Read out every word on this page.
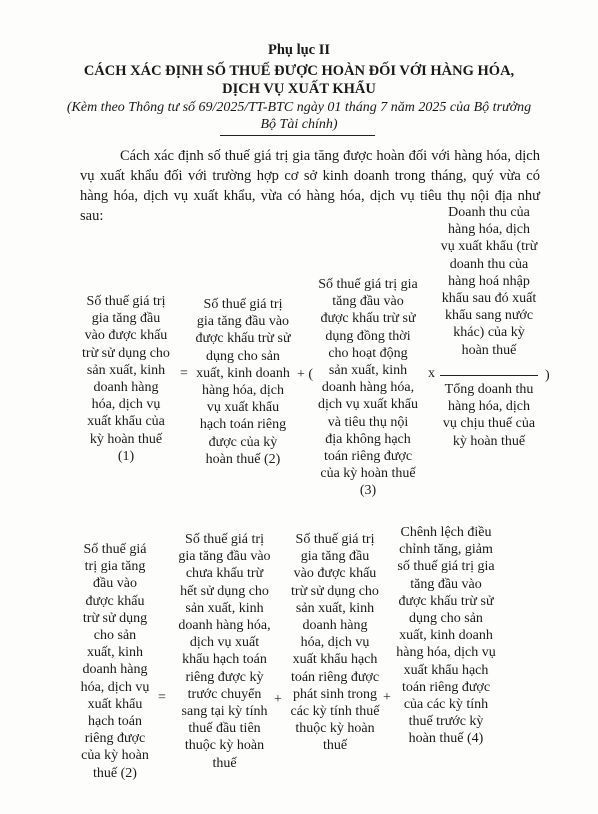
Phụ lục II
CÁCH XÁC ĐỊNH SỐ THUẾ ĐƯỢC HOÀN ĐỐI VỚI HÀNG HÓA,
DỊCH VỤ XUẤT KHẨU
(Kèm theo Thông tư số 69/2025/TT-BTC ngày 01 tháng 7 năm 2025 của Bộ trưởng Bộ Tài chính)
Cách xác định số thuế giá trị gia tăng được hoàn đối với hàng hóa, dịch vụ xuất khẩu đối với trường hợp cơ sở kinh doanh trong tháng, quý vừa có hàng hóa, dịch vụ xuất khẩu, vừa có hàng hóa, dịch vụ tiêu thụ nội địa như sau:
Số thuế giá trị gia tăng đầu vào được khấu trừ sử dụng cho sản xuất, kinh doanh hàng hóa, dịch vụ xuất khẩu của kỳ hoàn thuế (1)
=
Số thuế giá trị gia tăng đầu vào được khấu trừ sử dụng cho sản xuất, kinh doanh hàng hóa, dịch vụ xuất khẩu hạch toán riêng được của kỳ hoàn thuế (2)
+ (
Số thuế giá trị gia tăng đầu vào được khấu trừ sử dụng đồng thời cho hoạt động sản xuất, kinh doanh hàng hóa, dịch vụ xuất khẩu và tiêu thụ nội địa không hạch toán riêng được của kỳ hoàn thuế (3)
x
Doanh thu của hàng hóa, dịch vụ xuất khẩu (trừ doanh thu của hàng hoá nhập khẩu sau đó xuất khẩu sang nước khác) của kỳ hoàn thuế
Tổng doanh thu hàng hóa, dịch vụ chịu thuế của kỳ hoàn thuế
)
Số thuế giá trị gia tăng đầu vào được khấu trừ sử dụng cho sản xuất, kinh doanh hàng hóa, dịch vụ xuất khẩu hạch toán riêng được của kỳ hoàn thuế (2)
=
Số thuế giá trị gia tăng đầu vào chưa khấu trừ hết sử dụng cho sản xuất, kinh doanh hàng hóa, dịch vụ xuất khẩu hạch toán riêng được kỳ trước chuyển sang tại kỳ tính thuế đầu tiên thuộc kỳ hoàn thuế
+
Số thuế giá trị gia tăng đầu vào được khấu trừ sử dụng cho sản xuất, kinh doanh hàng hóa, dịch vụ xuất khẩu hạch toán riêng được phát sinh trong các kỳ tính thuế thuộc kỳ hoàn thuế
+
Chênh lệch điều chỉnh tăng, giảm số thuế giá trị gia tăng đầu vào được khấu trừ sử dụng cho sản xuất, kinh doanh hàng hóa, dịch vụ xuất khẩu hạch toán riêng được của các kỳ tính thuế trước kỳ hoàn thuế (4)
